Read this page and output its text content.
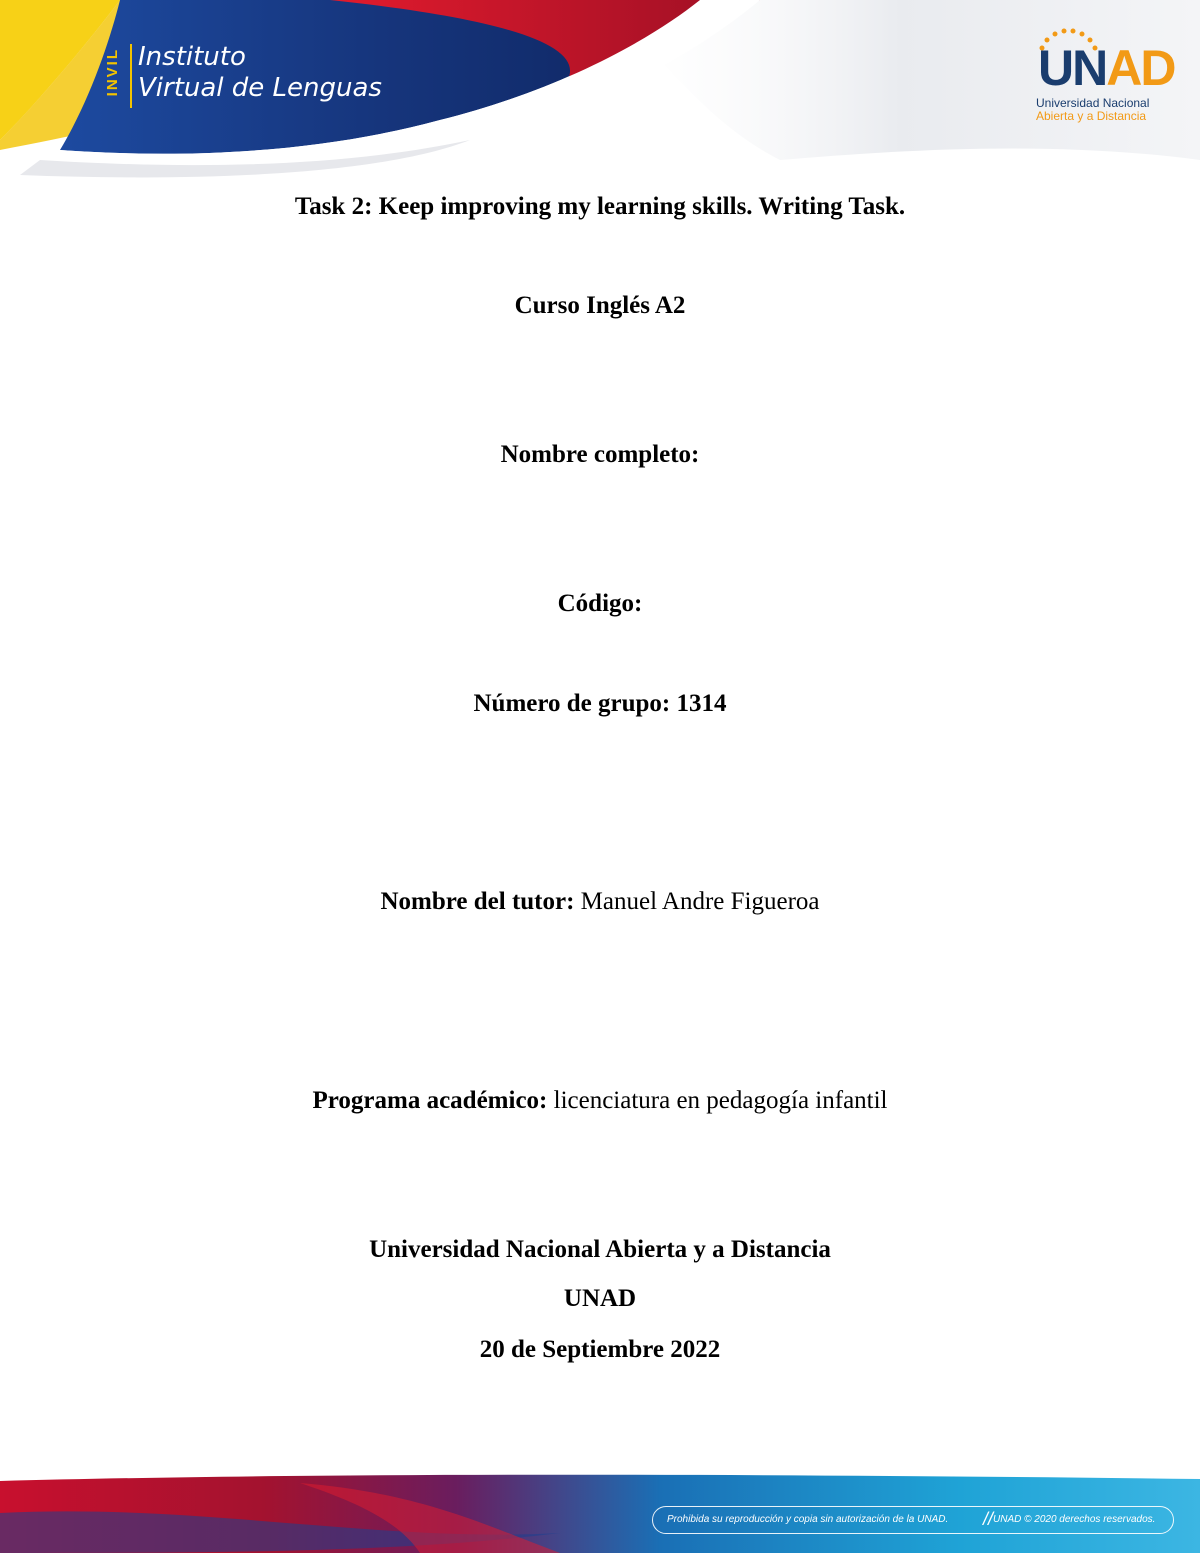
INVIL Instituto
Virtual de Lenguas	UNAD
Universidad Nacional
Abierta y a Distancia
Task 2: Keep improving my learning skills. Writing Task.
Curso Inglés A2
Nombre completo:
Código:
Número de grupo: 1314
Nombre del tutor: Manuel Andre Figueroa
Programa académico: licenciatura en pedagogía infantil
Universidad Nacional Abierta y a Distancia
UNAD
20 de Septiembre 2022
Prohibida su reproducción y copia sin autorización de la UNAD. // UNAD © 2020 derechos reservados.
